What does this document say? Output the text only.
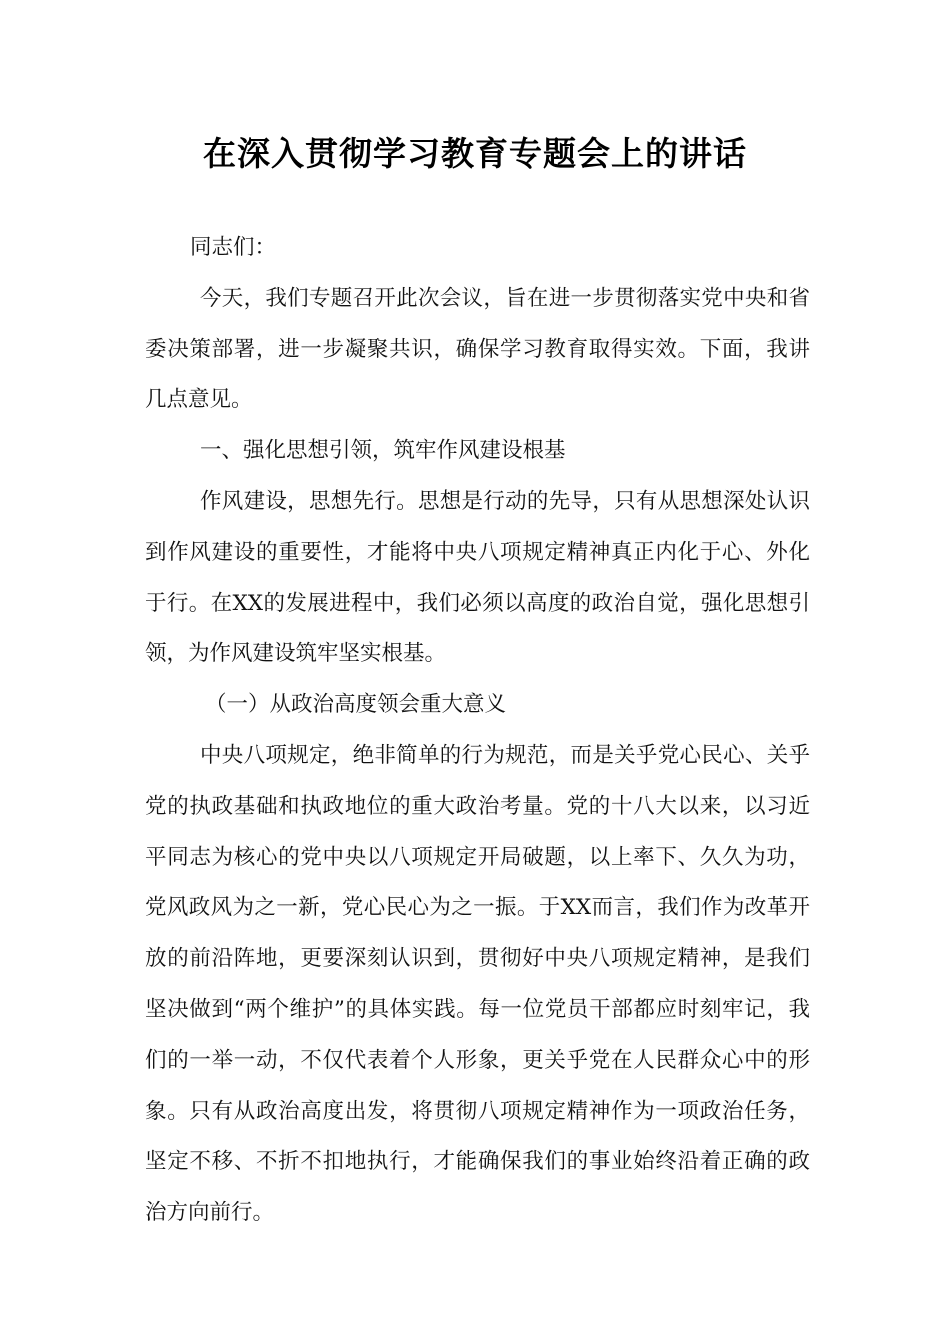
在深入贯彻学习教育专题会上的讲话

同志们：

今天，我们专题召开此次会议，旨在进一步贯彻落实党中央和省委决策部署，进一步凝聚共识，确保学习教育取得实效。下面，我讲几点意见。

一、强化思想引领，筑牢作风建设根基

作风建设，思想先行。思想是行动的先导，只有从思想深处认识到作风建设的重要性，才能将中央八项规定精神真正内化于心、外化于行。在XX的发展进程中，我们必须以高度的政治自觉，强化思想引领，为作风建设筑牢坚实根基。

（一）从政治高度领会重大意义

中央八项规定，绝非简单的行为规范，而是关乎党心民心、关乎党的执政基础和执政地位的重大政治考量。党的十八大以来，以习近平同志为核心的党中央以八项规定开局破题，以上率下、久久为功，党风政风为之一新，党心民心为之一振。于XX而言，我们作为改革开放的前沿阵地，更要深刻认识到，贯彻好中央八项规定精神，是我们坚决做到“两个维护”的具体实践。每一位党员干部都应时刻牢记，我们的一举一动，不仅代表着个人形象，更关乎党在人民群众心中的形象。只有从政治高度出发，将贯彻八项规定精神作为一项政治任务，坚定不移、不折不扣地执行，才能确保我们的事业始终沿着正确的政治方向前行。
